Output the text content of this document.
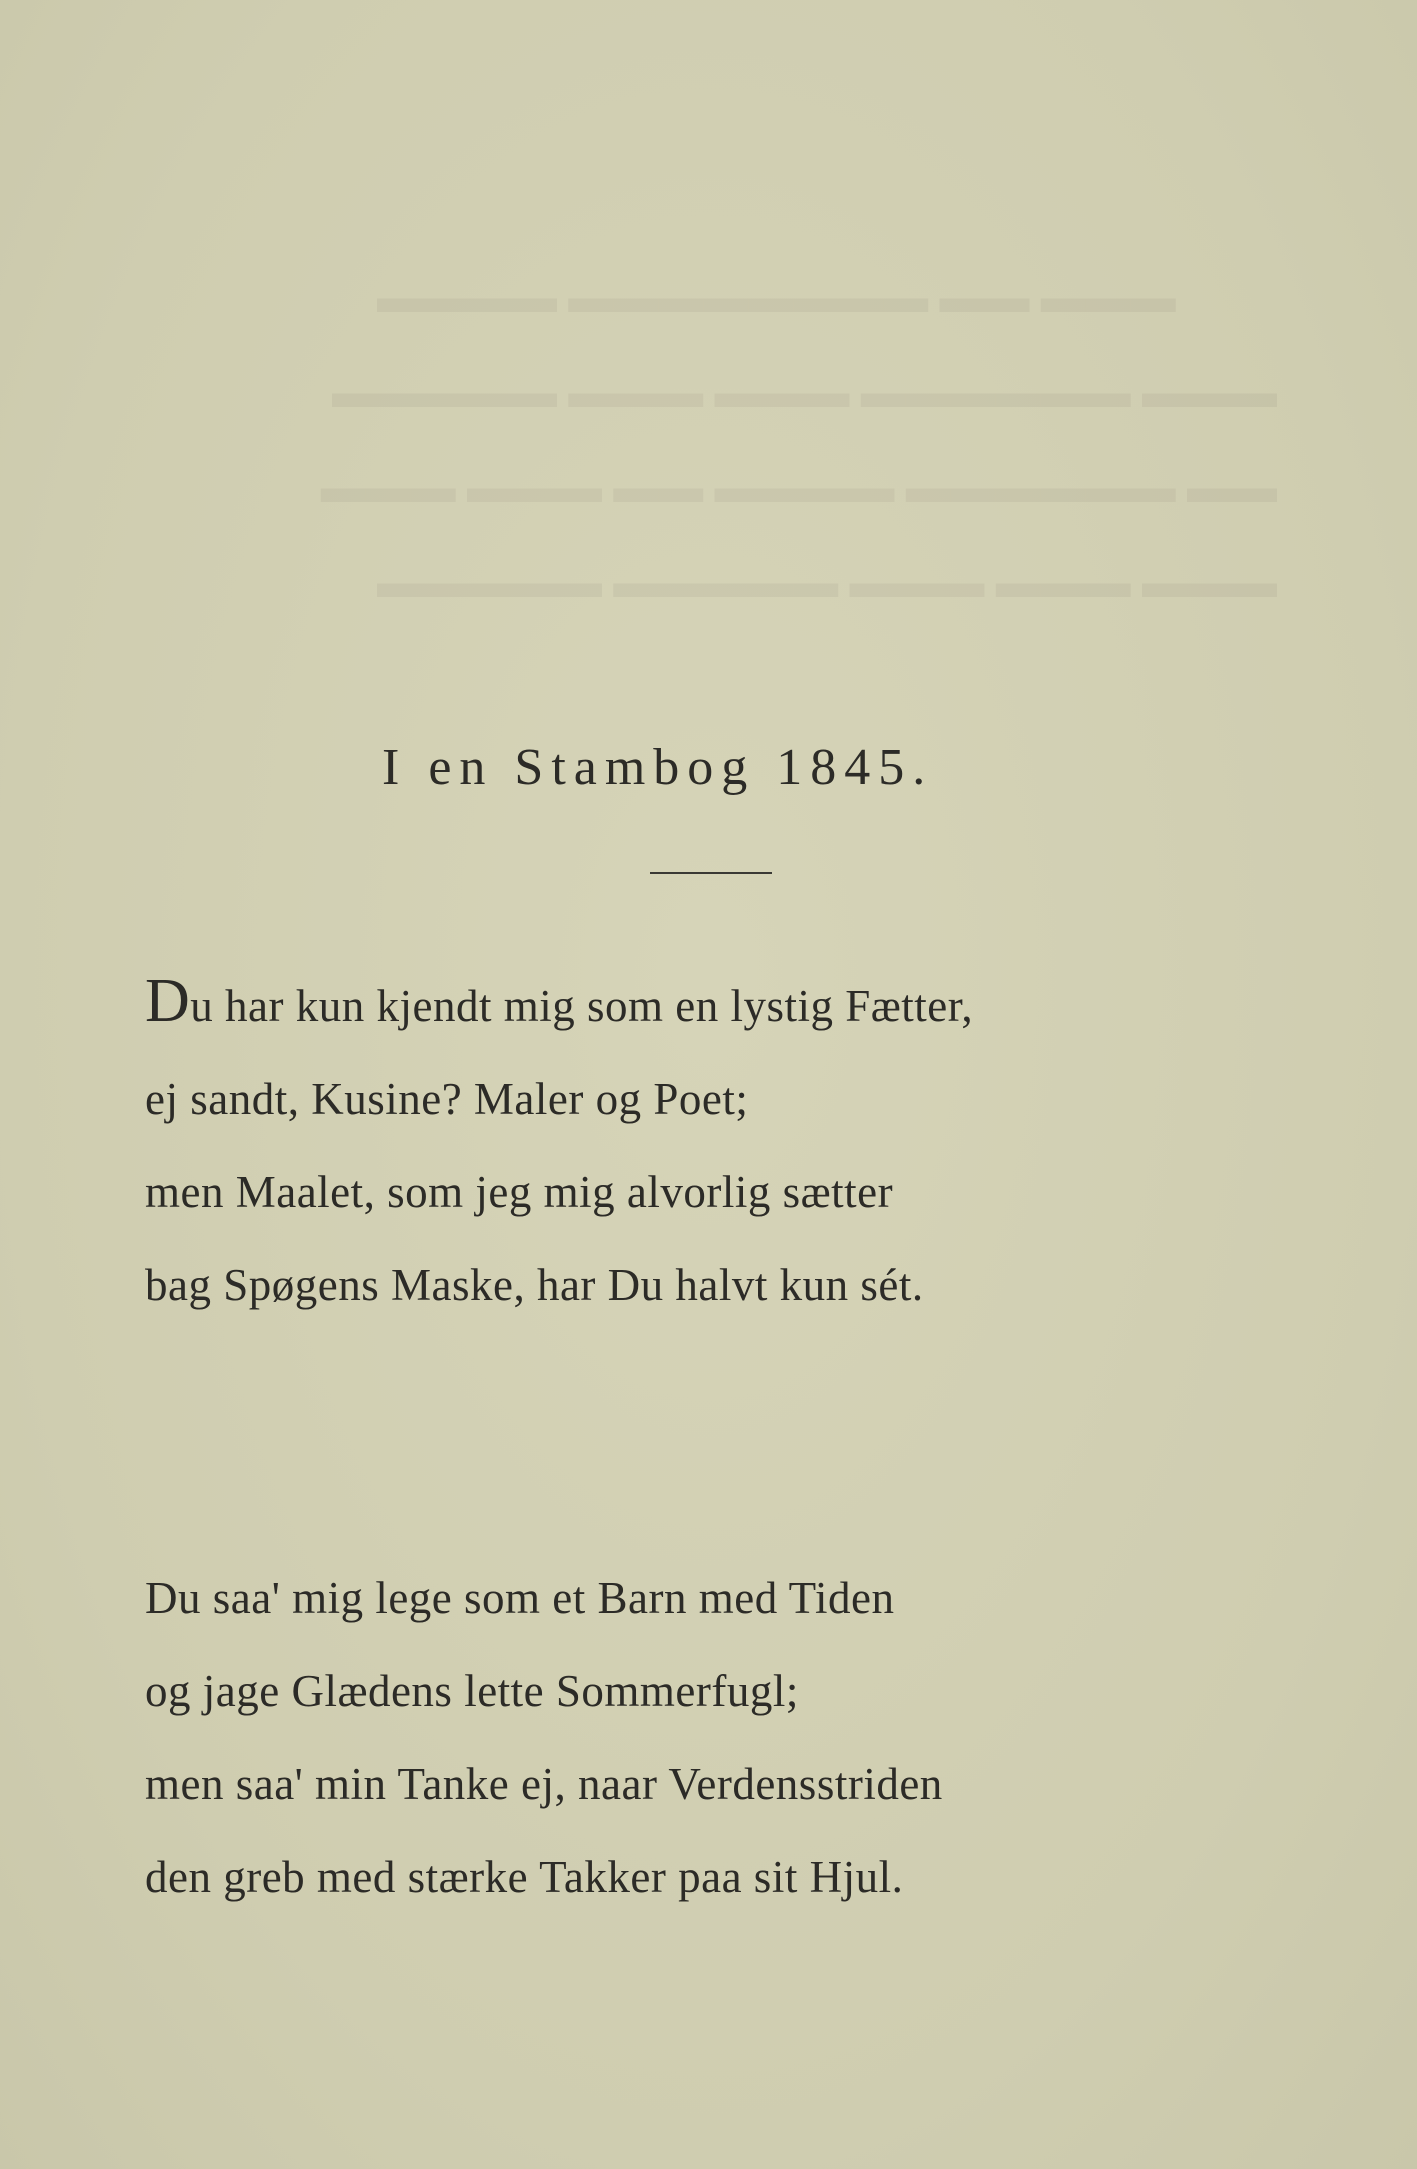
▬▬▬ ▬▬ ▬▬▬▬▬▬▬▬ ▬▬▬▬
▬▬▬ ▬▬▬▬▬▬ ▬▬▬ ▬▬▬ ▬▬▬▬▬
▬▬ ▬▬▬▬▬▬ ▬▬▬▬ ▬▬ ▬▬▬ ▬▬▬
▬▬▬ ▬▬▬ ▬▬▬ ▬▬▬▬▬ ▬▬▬▬▬
I en Stambog 1845.
Du har kun kjendt mig som en lystig Fætter,
ej sandt, Kusine? Maler og Poet;
men Maalet, som jeg mig alvorlig sætter
bag Spøgens Maske, har Du halvt kun sét.
Du saa' mig lege som et Barn med Tiden
og jage Glædens lette Sommerfugl;
men saa' min Tanke ej, naar Verdensstriden
den greb med stærke Takker paa sit Hjul.
